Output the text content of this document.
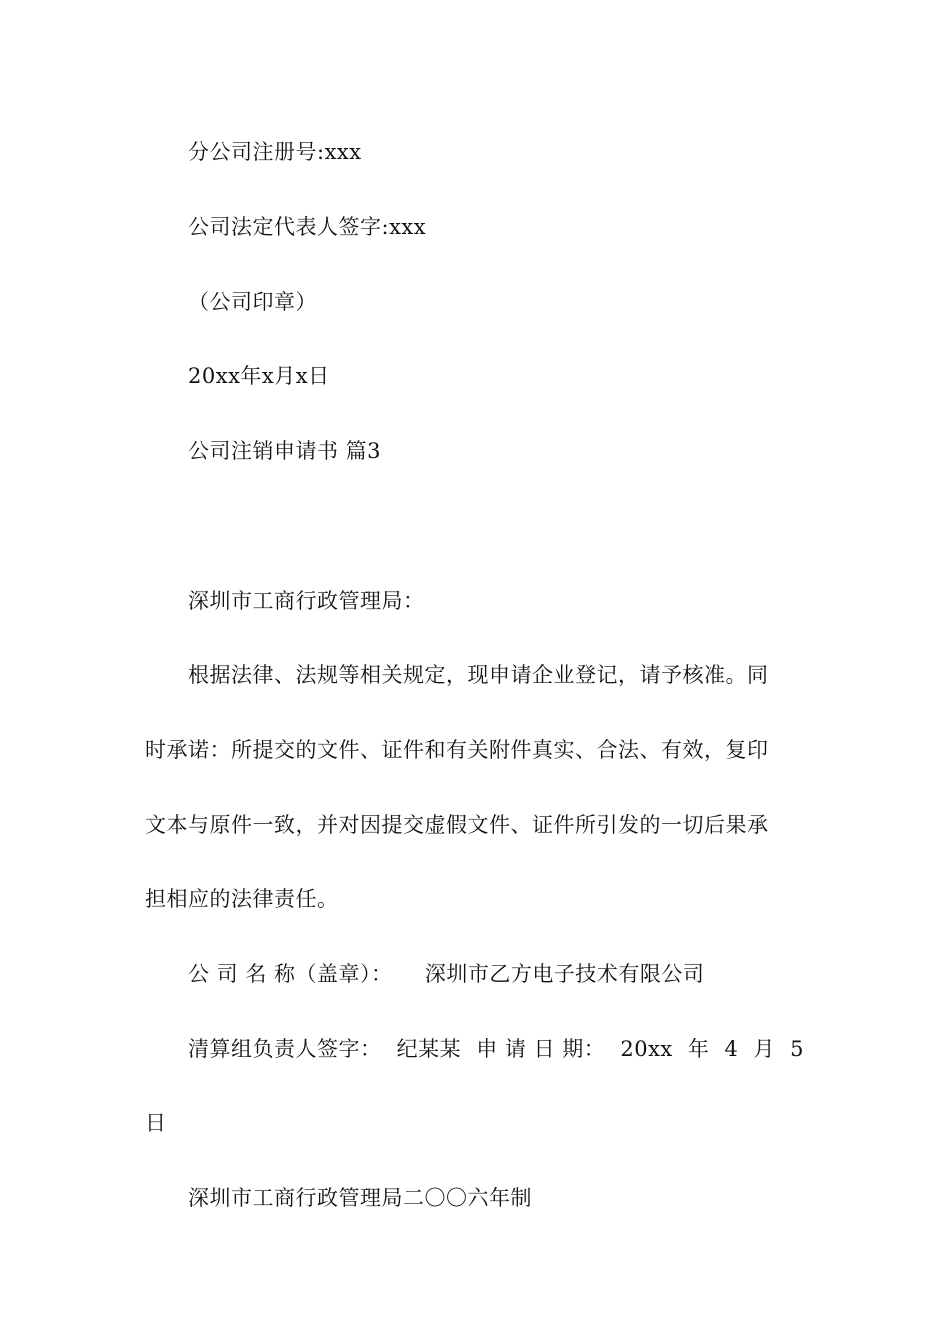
分公司注册号:xxx
公司法定代表人签字:xxx
（公司印章）
20xx年x月x日
公司注销申请书 篇3
深圳市工商行政管理局：
根据法律、法规等相关规定，现申请企业登记，请予核准。同
时承诺：所提交的文件、证件和有关附件真实、合法、有效，复印
文本与原件一致，并对因提交虚假文件、证件所引发的一切后果承
担相应的法律责任。
公 司 名 称（盖章）： 深圳市乙方电子技术有限公司
清算组负责人签字： 纪某某 申 请 日 期： 20xx 年 4 月 5
日
深圳市工商行政管理局二〇〇六年制
